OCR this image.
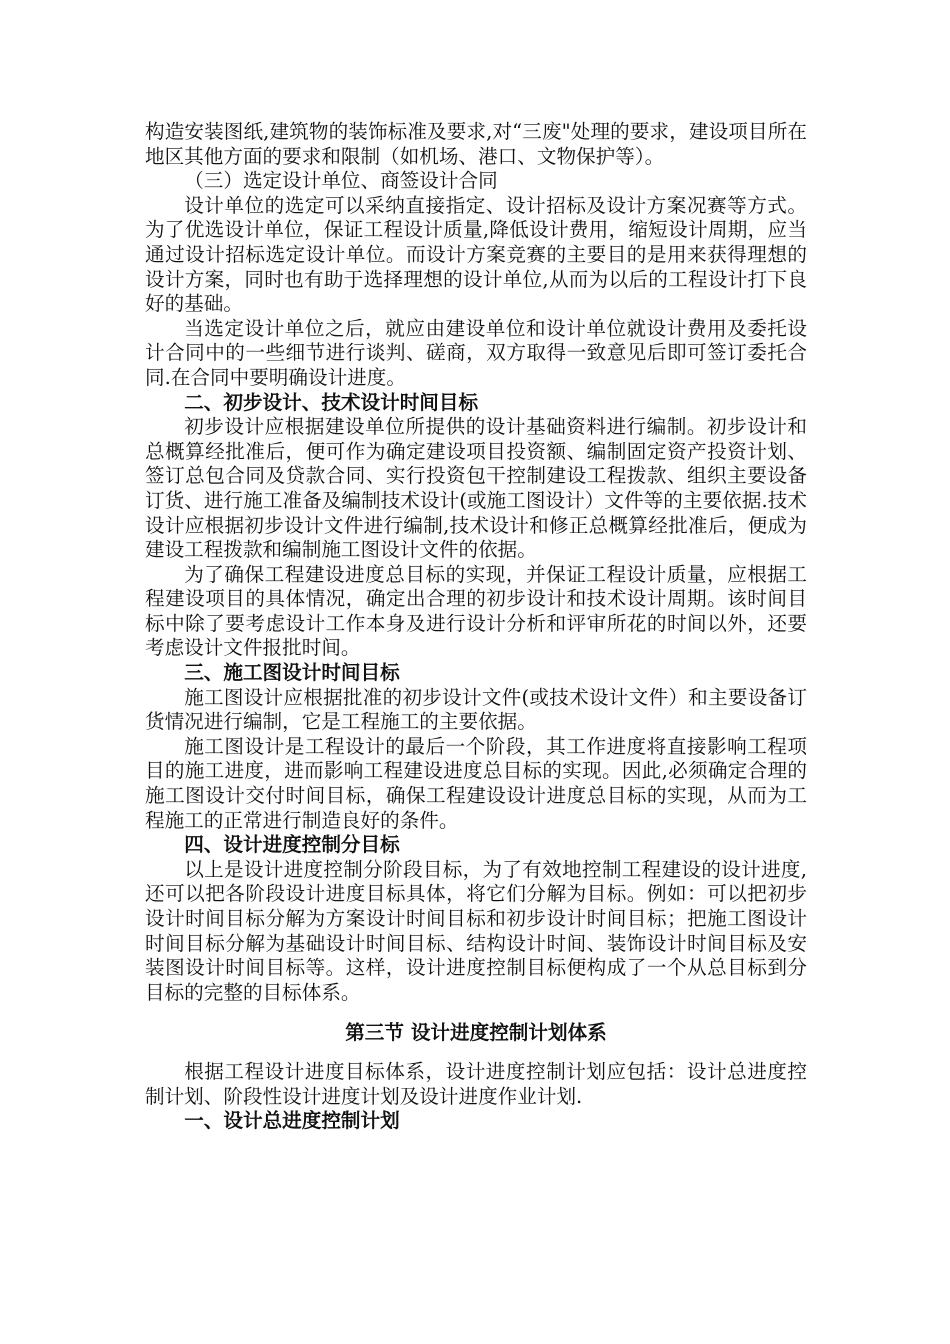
构造安装图纸,建筑物的装饰标准及要求,对“三废"处理的要求，建设项目所在地区其他方面的要求和限制（如机场、港口、文物保护等）。

（三）选定设计单位、商签设计合同

设计单位的选定可以采纳直接指定、设计招标及设计方案况赛等方式。为了优选设计单位，保证工程设计质量,降低设计费用，缩短设计周期，应当通过设计招标选定设计单位。而设计方案竞赛的主要目的是用来获得理想的设计方案，同时也有助于选择理想的设计单位,从而为以后的工程设计打下良好的基础。

当选定设计单位之后，就应由建设单位和设计单位就设计费用及委托设计合同中的一些细节进行谈判、磋商，双方取得一致意见后即可签订委托合同.在合同中要明确设计进度。

二、初步设计、技术设计时间目标

初步设计应根据建设单位所提供的设计基础资料进行编制。初步设计和总概算经批准后，便可作为确定建设项目投资额、编制固定资产投资计划、签订总包合同及贷款合同、实行投资包干控制建设工程拨款、组织主要设备订货、进行施工准备及编制技术设计(或施工图设计）文件等的主要依据.技术设计应根据初步设计文件进行编制,技术设计和修正总概算经批准后，便成为建设工程拨款和编制施工图设计文件的依据。

为了确保工程建设进度总目标的实现，并保证工程设计质量，应根据工程建设项目的具体情况，确定出合理的初步设计和技术设计周期。该时间目标中除了要考虑设计工作本身及进行设计分析和评审所花的时间以外，还要考虑设计文件报批时间。

三、施工图设计时间目标

施工图设计应根据批准的初步设计文件(或技术设计文件）和主要设备订货情况进行编制，它是工程施工的主要依据。

施工图设计是工程设计的最后一个阶段，其工作进度将直接影响工程项目的施工进度，进而影响工程建设进度总目标的实现。因此,必须确定合理的施工图设计交付时间目标，确保工程建设设计进度总目标的实现，从而为工程施工的正常进行制造良好的条件。

四、设计进度控制分目标

以上是设计进度控制分阶段目标，为了有效地控制工程建设的设计进度,还可以把各阶段设计进度目标具体，将它们分解为目标。例如：可以把初步设计时间目标分解为方案设计时间目标和初步设计时间目标；把施工图设计时间目标分解为基础设计时间目标、结构设计时间、装饰设计时间目标及安装图设计时间目标等。这样，设计进度控制目标便构成了一个从总目标到分目标的完整的目标体系。

第三节 设计进度控制计划体系

根据工程设计进度目标体系，设计进度控制计划应包括：设计总进度控制计划、阶段性设计进度计划及设计进度作业计划.

一、设计总进度控制计划
